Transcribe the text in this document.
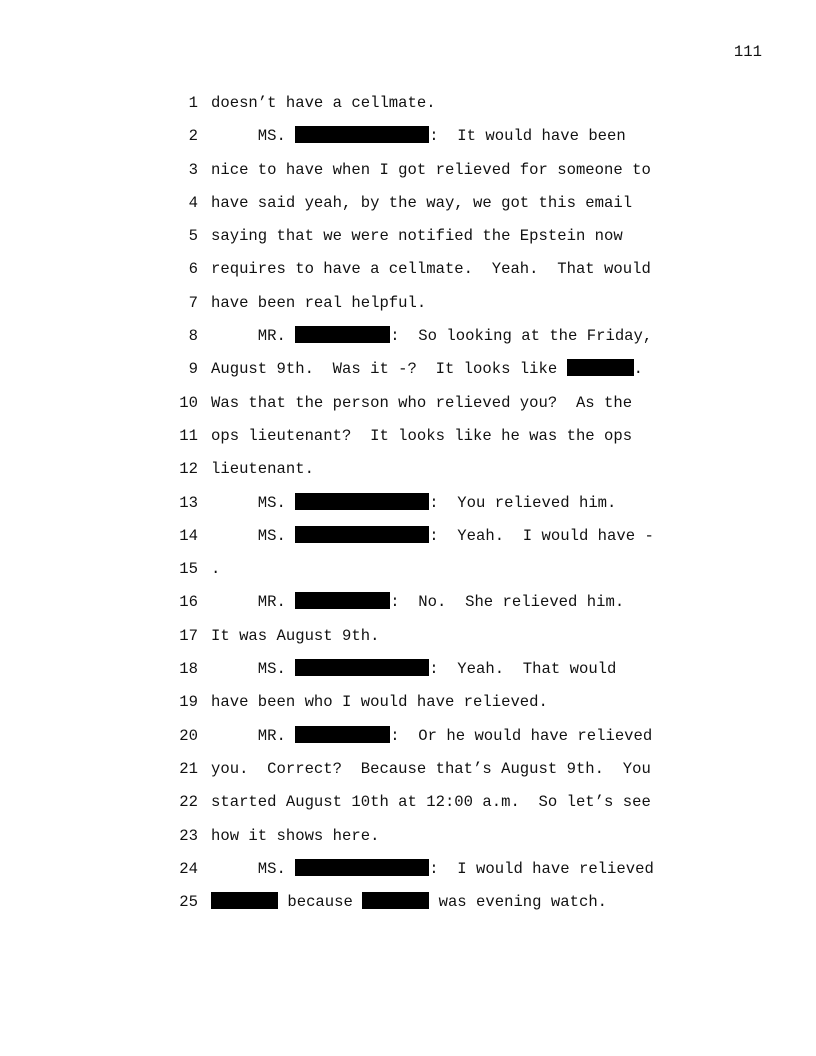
111
1 doesn’t have a cellmate.
2 MS.	:  It would have been
3 nice to have when I got relieved for someone to
4 have said yeah, by the way, we got this email
5 saying that we were notified the Epstein now
6 requires to have a cellmate.  Yeah.  That would
7 have been real helpful.
8 MR.	:  So looking at the Friday,
9 August 9th.  Was it -?  It looks like	.
10 Was that the person who relieved you?  As the
11 ops lieutenant?  It looks like he was the ops
12 lieutenant.
13 MS.	:  You relieved him.
14 MS.	:  Yeah.  I would have -
15 .
16 MR.	:  No.  She relieved him.
17 It was August 9th.
18 MS.	:  Yeah.  That would
19 have been who I would have relieved.
20 MR.	:  Or he would have relieved
21 you.  Correct?  Because that’s August 9th.  You
22 started August 10th at 12:00 a.m.  So let’s see
23 how it shows here.
24 MS.	:  I would have relieved
25	because	was evening watch.
